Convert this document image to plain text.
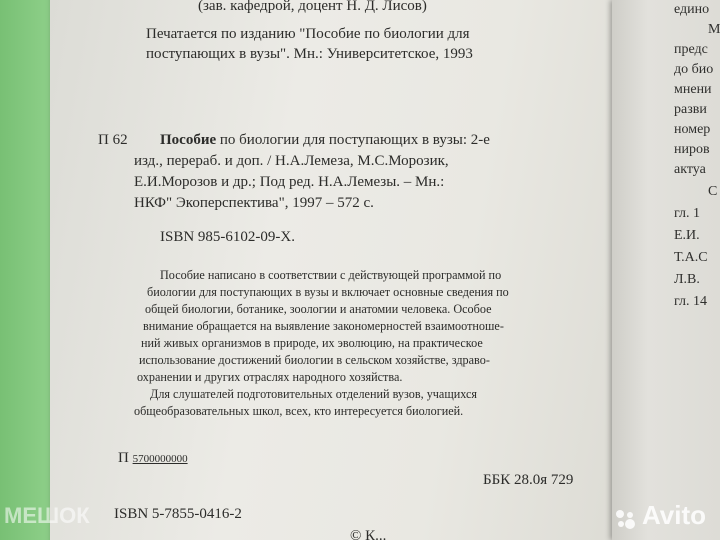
(зав. кафедрой, доцент Н. Д. Лисов)
Печатается по изданию "Пособие по биологии для
поступающих в вузы". Мн.: Университетское, 1993
П 62 Пособие по биологии для поступающих в вузы: 2-е
изд., перераб. и доп. / Н.А.Лемеза, М.С.Морозик,
Е.И.Морозов и др.; Под ред. Н.А.Лемезы. – Мн.:
НКФ" Экоперспектива", 1997 – 572 с.
ISBN 985-6102-09-X.
Пособие написано в соответствии с действующей программой по
биологии для поступающих в вузы и включает основные сведения по
общей биологии, ботанике, зоологии и анатомии человека. Особое
внимание обращается на выявление закономерностей взаимоотноше-
ний живых организмов в природе, их эволюцию, на практическое
использование достижений биологии в сельском хозяйстве, здраво-
охранении и других отраслях народного хозяйства.
Для слушателей подготовительных отделений вузов, учащихся
общеобразовательных школ, всех, кто интересуется биологией.
П 5700000000
ББК 28.0я 729
ISBN 5-7855-0416-2
© К...
едино
М
предс
до био
мнени
разви
номер
ниров
актуа
С
гл. 1
Е.И.
Т.А.С
Л.В.
гл. 14
МЕШОК	Avito
